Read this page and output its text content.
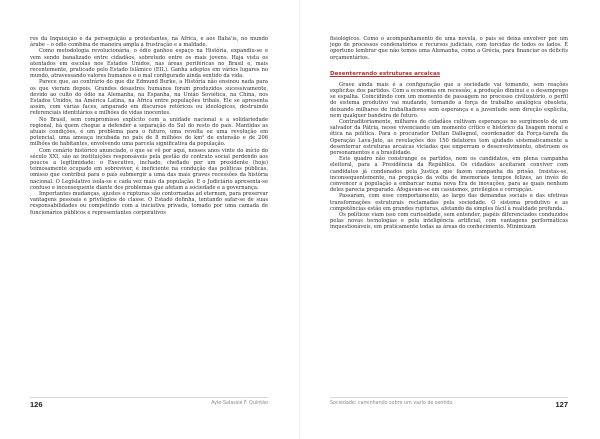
ros da Inquisição e da perseguição a protestantes, na África, e aos Bahá'ís, no mundo árabe – o ódio combina de maneira ampla a frustração e a maldade.

Como metodologia revolucionária, o ódio ganhou espaço na História, expandiu-se e vem sendo banalizado entre cidadãos, sobretudo entre os mais jovens. Haja vista os atentados em escolas nos Estados Unidos, nas áreas periféricas no Brasil e, mais recentemente, praticado pelo Estado Islâmico (EIL). Ganha adeptos em vários lugares no mundo, atravessando valores humanos e o mal configurado ainda sentido da vida.

Parece que, ao contrário do que diz Edmund Burke, a História não ensinou nada para os que vieram depois. Grandes desastres humanos foram produzidos sucessivamente, devido ao culto do ódio na Alemanha, na Espanha, na União Soviética, na China, nos Estados Unidos, na América Latina, na África entre populações tribais. Ele se apresenta assim, com várias faces, amparado em discursos retóricos ou ideológicos, destruindo referenciais identitários e milhões de vidas inocentes.

No Brasil, sem compromisso explícito com a unidade nacional e a solidariedade regional, há quem chegue a defender a separação do Sul do resto do país. Mantidas as atuais condições, é um problema para o futuro, uma revolta ou uma revolução em potencial, uma ameaça incubada no país de 8 milhões de km² de extensão e de 206 milhões de habitantes, envolvendo uma parcela significativa da população.

Com cenário histórico anunciado, o que se vê por aqui, nesses anos vinte do início do século XXI, são as instituições responsáveis pela gestão do contrato social perdendo aos poucos a legitimidade: o Executivo, inchado, chefiado por um presidente (hoje) teimosamente ocupado em sobreviver, é ineficiente na condução das políticas públicas, omisso que contribui para o país submergir a uma das mais graves recessões da história nacional. O Legislativo isola-se e cada vez mais da população. E o Judiciário apresenta-se confuso e inconsequente diante dos problemas que afetam a sociedade e a governança.

Importantes mudanças, ajustes e rupturas são contornadas ad eternum, para preservar vantagens pessoais e privilégios de classe. O Estado definha, tentando safar-se de suas responsabilidades ou competindo com a iniciativa privada, tomado por uma camada de funcionários públicos e representantes corporativos

126	Ayle-Salassié F. Quintão

fisiológicos. Como o acompanhamento de uma novela, o país se deixa envolver por um jogo de processos condenatórios e recursos judiciais, com torcidas de todos os lados. É oportuno lembrar que não temos uma Alemanha, como a Grécia, para financiar os déficits orçamentários.

Desenterrando estruturas arcaicas

Grave ainda mais é a configuração que a sociedade vai tomando, sem reações explícitas dos partidos. Com a economia em recessão, a produção diminui e o desemprego se espalha. Coincidindo com um momento de passagem no processo civilizatório, o perfil do sistema produtivo vai mudando, tornando a força de trabalho analógica obsoleta, deixando milhares de trabalhadores sem esperança e a juventude sem direção explícita, nem qualquer bandeira de futuro.

Contraditoriamente, milhares de cidadãos cultivam esperanças no surgimento de um salvador da Pátria, nesse vivenciando um momento crítico e histórico da lisagem moral e ética na política. Para o procurador Deltan Dallagnol, coordenador da Força-tarefa da Operação Lava-Jato, as revelações dos 150 delatores tem ajudado sistematicamente a desenterrar estruturas arcaicas viciadas que emperram o desenvolvimento, obstruem os personamentos e a brasilidade.

Este quadro não constrange os partidos, nem os candidatos, em plena campanha eleitoral, para a Presidência da República. Os cidadãos aceitaram conviver com candidatos já condenados pela Justiça que fazem campanha da prisão. Insistas-se, inconsequentemente, na pregação da volta de imemoriais tempos felizes, ao invés de convencer a população a embarcar numa nova Era de inovações, para as quais nenhum deles parecia preparado. Afogavam-se em casuísmos, privilégios e corrupção.

Passaram, com esse comportamento, ao largo das demandas sociais e das efetivas transformações estruturais reclamadas pela sociedade. O sistema produtivo e as competências estão em grandes rupturas, afetando da simples fácil à realidade profunda.

Os políticos viam isso com curiosidade, sem entender, papéis diferenciados conduzidos pelas novas tecnologias e pela inteligência artificial, com vantagens performáticas inquestionáveis, em praticamente todas as áreas do conhecimento. Minimizam

Sociedade: caminhando sobre um vazio de sentido	127
